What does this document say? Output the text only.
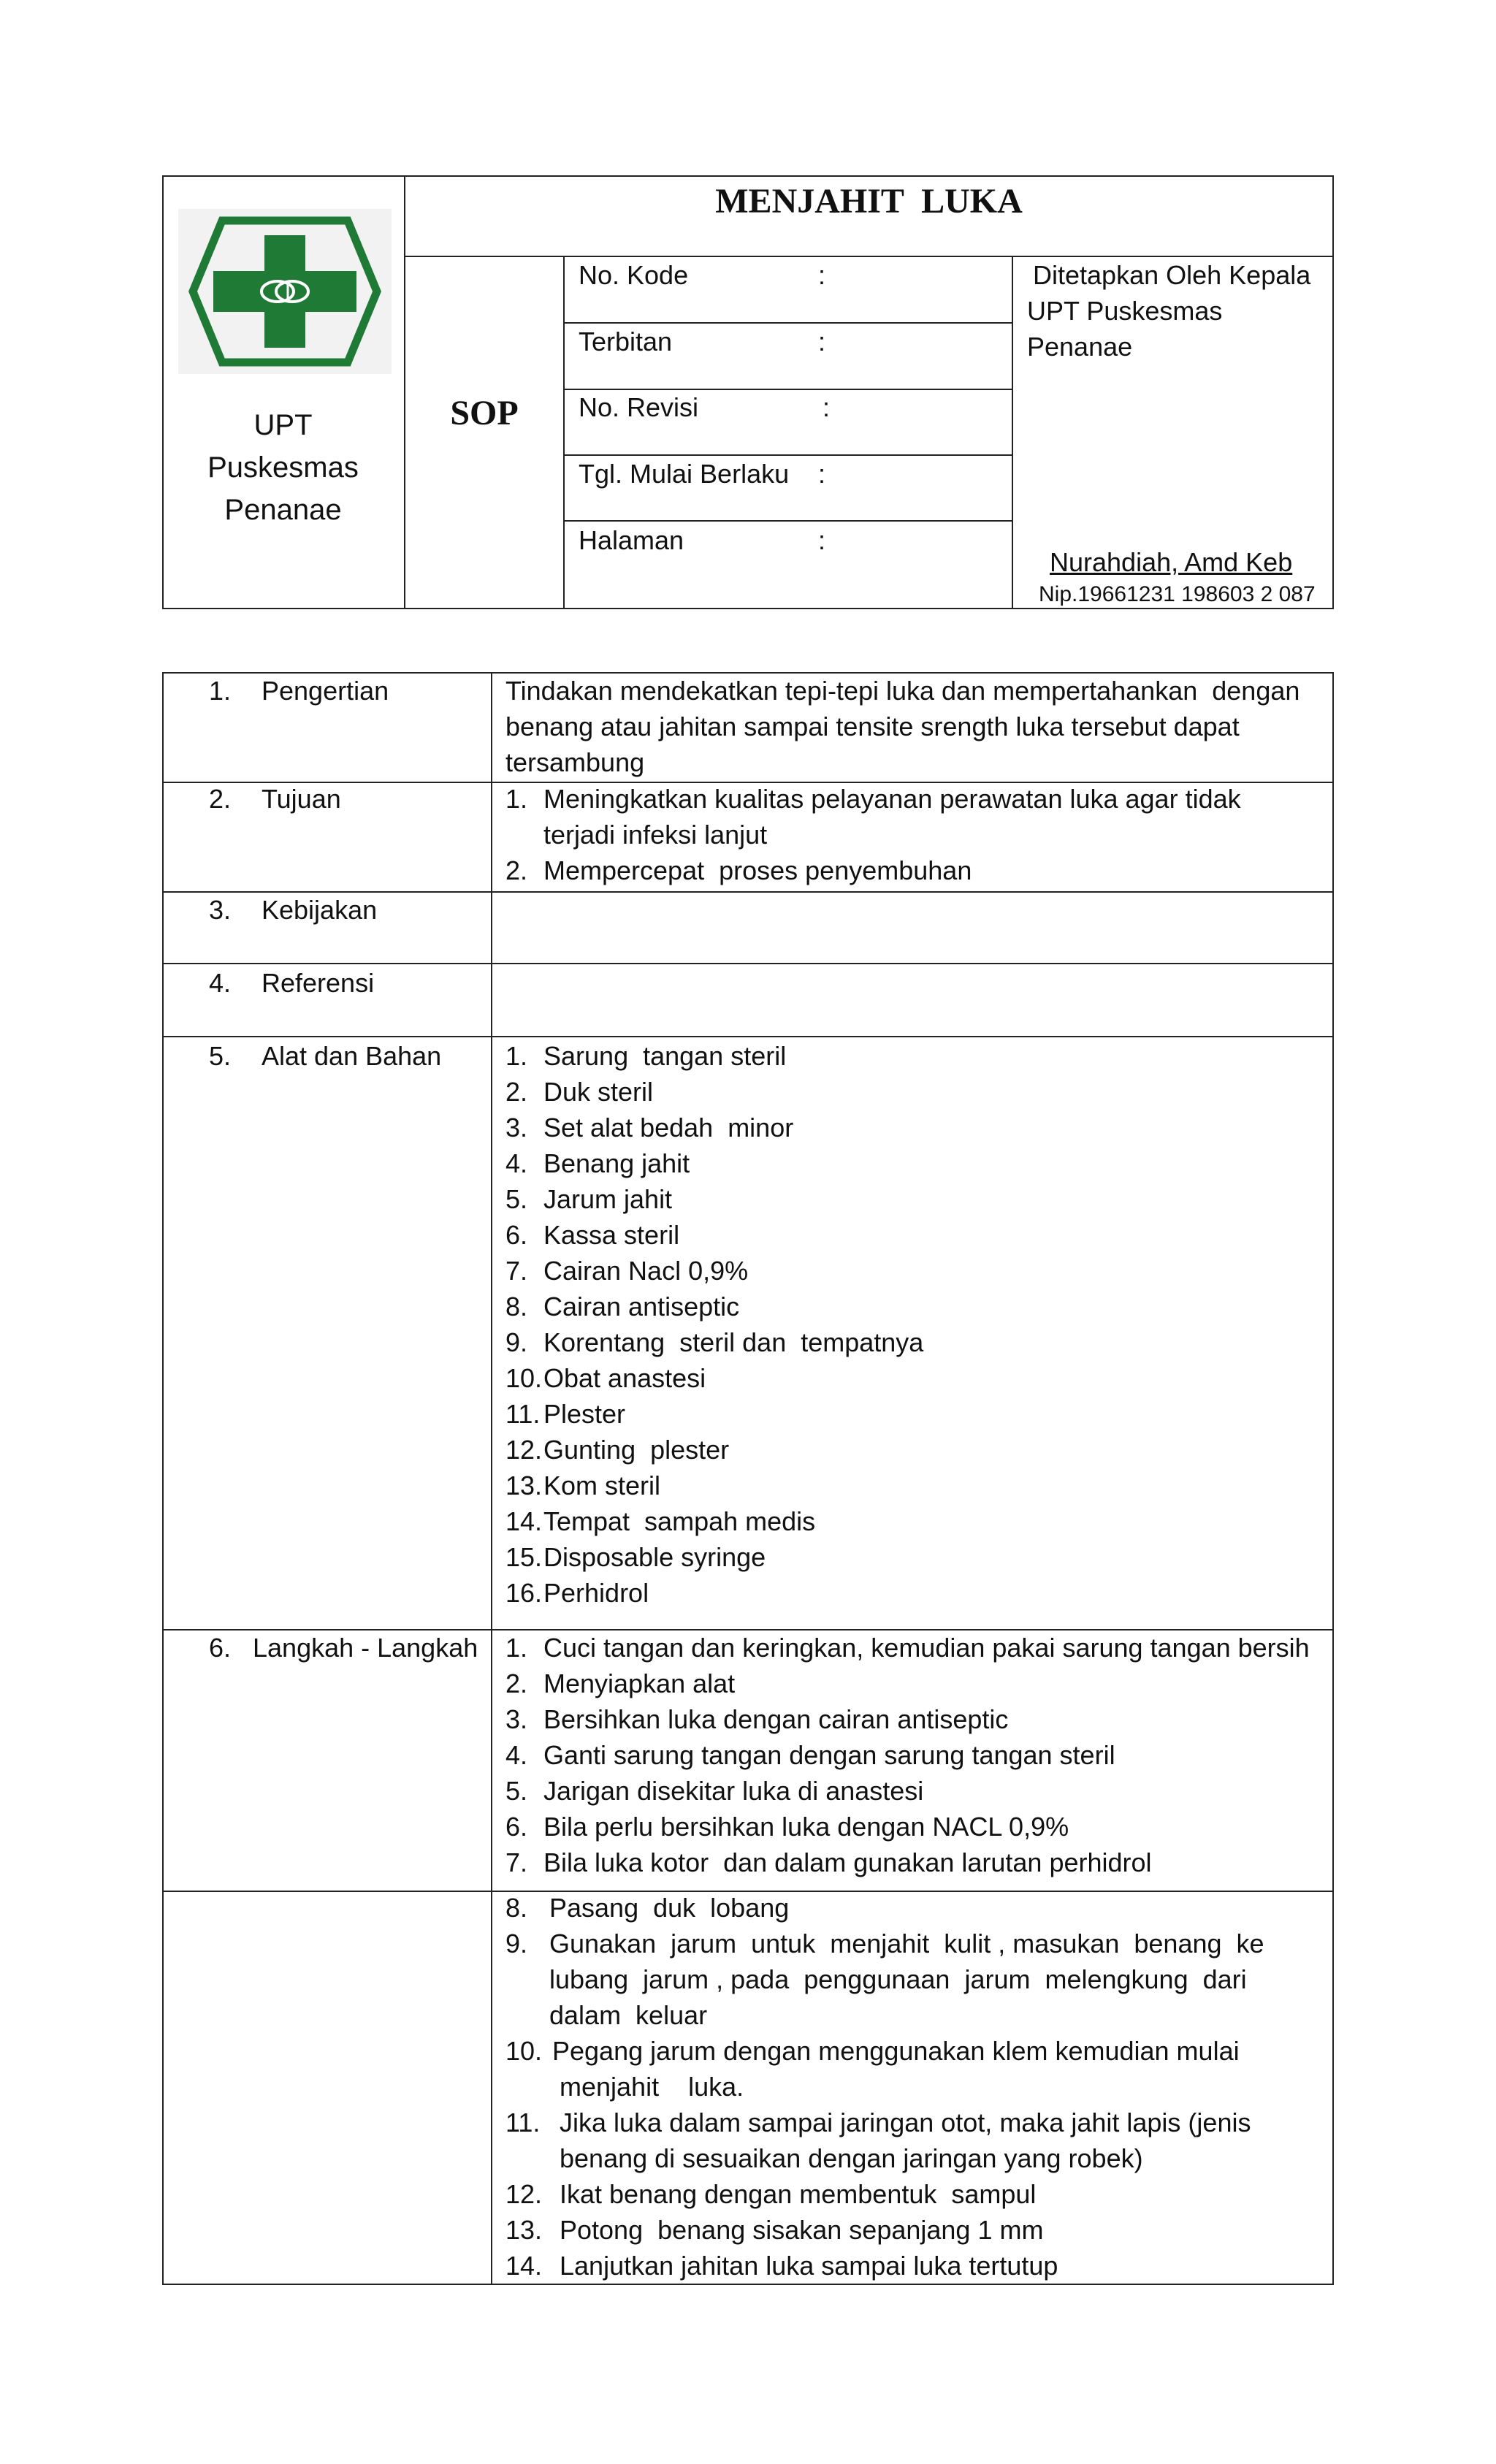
UPT
Puskesmas
Penanae
MENJAHIT  LUKA
SOP
No. Kode	:
Terbitan	:
No. Revisi	:
Tgl. Mulai Berlaku :
Halaman	:
Ditetapkan Oleh Kepala
UPT Puskesmas
Penanae
Nurahdiah, Amd Keb
Nip.19661231 198603 2 087
1. Pengertian	Tindakan mendekatkan tepi-tepi luka dan mempertahankan  dengan
benang atau jahitan sampai tensite srength luka tersebut dapat
tersambung
2. Tujuan	1. Meningkatkan kualitas pelayanan perawatan luka agar tidak
terjadi infeksi lanjut
2. Mempercepat  proses penyembuhan
3. Kebijakan
4. Referensi
5. Alat dan Bahan 1. Sarung  tangan steril
2. Duk steril
3. Set alat bedah  minor
4. Benang jahit
5. Jarum jahit
6. Kassa steril
7. Cairan Nacl 0,9%
8. Cairan antiseptic
9. Korentang  steril dan  tempatnya
10.Obat anastesi
11. Plester
12.Gunting  plester
13.Kom steril
14.Tempat  sampah medis
15.Disposable syringe
16.Perhidrol
6. Langkah - Langkah 1. Cuci tangan dan keringkan, kemudian pakai sarung tangan bersih
2. Menyiapkan alat
3. Bersihkan luka dengan cairan antiseptic
4. Ganti sarung tangan dengan sarung tangan steril
5. Jarigan disekitar luka di anastesi
6. Bila perlu bersihkan luka dengan NACL 0,9%
7. Bila luka kotor  dan dalam gunakan larutan perhidrol
8. Pasang  duk  lobang
9. Gunakan  jarum  untuk  menjahit  kulit , masukan  benang  ke
lubang  jarum , pada  penggunaan  jarum  melengkung  dari
dalam  keluar
10. Pegang jarum dengan menggunakan klem kemudian mulai
menjahit    luka.
11. Jika luka dalam sampai jaringan otot, maka jahit lapis (jenis
benang di sesuaikan dengan jaringan yang robek)
12. Ikat benang dengan membentuk  sampul
13. Potong  benang sisakan sepanjang 1 mm
14. Lanjutkan jahitan luka sampai luka tertutup
